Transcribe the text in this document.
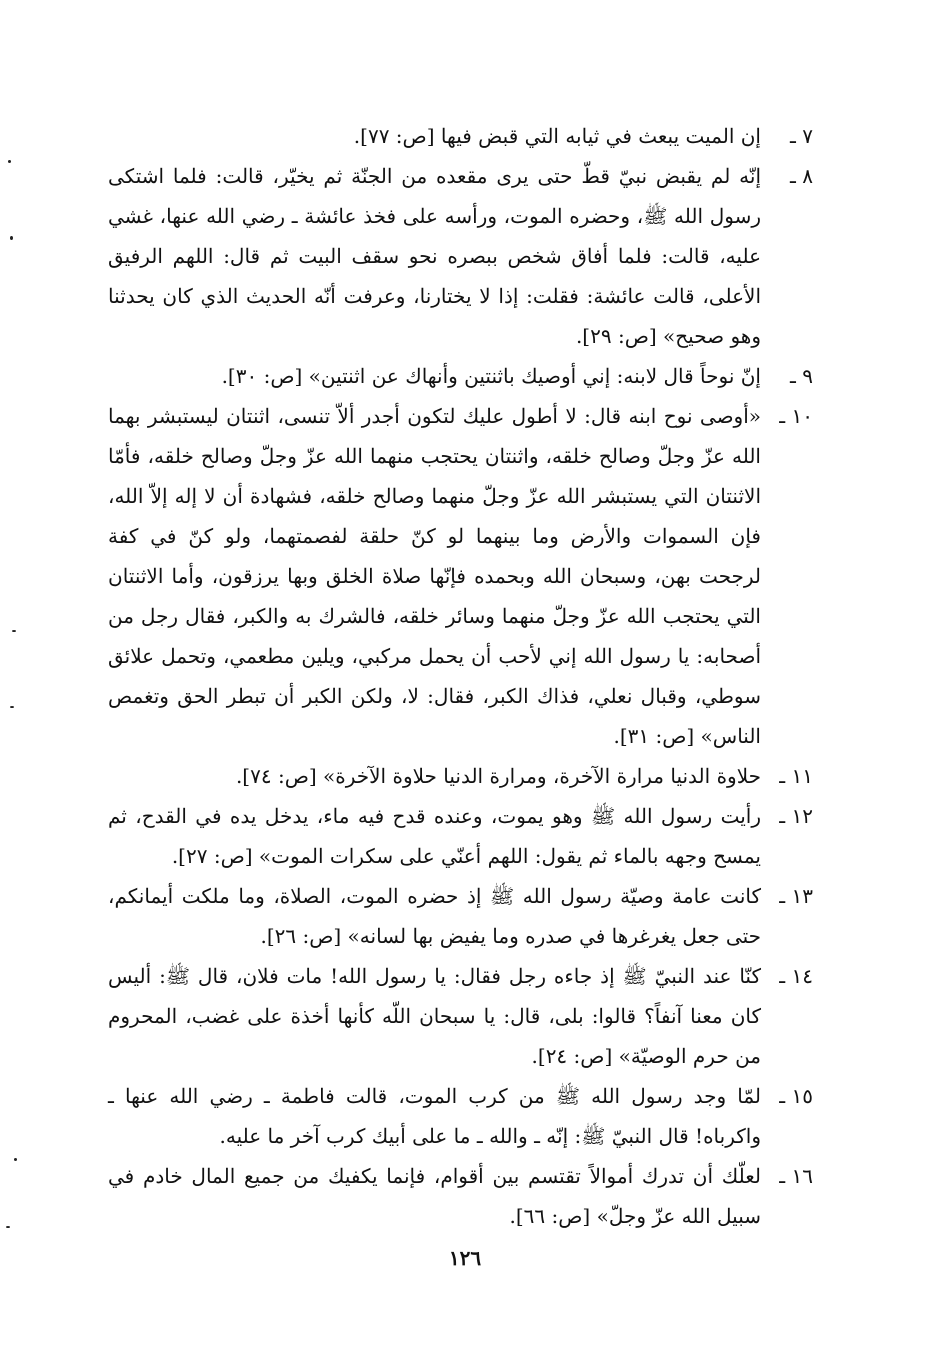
٧ ـ
إن الميت يبعث في ثيابه التي قبض فيها [ص: ٧٧].
٨ ـ
إنّه لم يقبض نبيّ قطّ حتى يرى مقعده من الجنّة ثم يخيّر، قالت: فلما اشتكى رسول الله ﷺ، وحضره الموت، ورأسه على فخذ عائشة ـ رضي الله عنها، غشي عليه، قالت: فلما أفاق شخص ببصره نحو سقف البيت ثم قال: اللهم الرفيق الأعلى، قالت عائشة: فقلت: إذا لا يختارنا، وعرفت أنّه الحديث الذي كان يحدثنا وهو صحيح» [ص: ٢٩].
٩ ـ
إنّ نوحاً قال لابنه: إني أوصيك باثنتين وأنهاك عن اثنتين» [ص: ٣٠].
١٠ ـ
«أوصى نوح ابنه قال: لا أطول عليك لتكون أجدر ألاّ تنسى، اثنتان ليستبشر بهما الله عزّ وجلّ وصالح خلقه، واثنتان يحتجب منهما الله عزّ وجلّ وصالح خلقه، فأمّا الاثنتان التي يستبشر الله عزّ وجلّ منهما وصالح خلقه، فشهادة أن لا إله إلاّ الله، فإن السموات والأرض وما بينهما لو كنّ حلقة لفصمتهما، ولو كنّ في كفة لرجحت بهن، وسبحان الله وبحمده فإنّها صلاة الخلق وبها يرزقون، وأما الاثنتان التي يحتجب الله عزّ وجلّ منهما وسائر خلقه، فالشرك به والكبر، فقال رجل من أصحابه: يا رسول الله إني لأحب أن يحمل مركبي، ويلين مطعمي، وتحمل علائق سوطي، وقبال نعلي، فذاك الكبر، فقال: لا، ولكن الكبر أن تبطر الحق وتغمص الناس» [ص: ٣١].
١١ ـ
حلاوة الدنيا مرارة الآخرة، ومرارة الدنيا حلاوة الآخرة» [ص: ٧٤].
١٢ ـ
رأيت رسول الله ﷺ وهو يموت، وعنده قدح فيه ماء، يدخل يده في القدح، ثم يمسح وجهه بالماء ثم يقول: اللهم أعنّي على سكرات الموت» [ص: ٢٧].
١٣ ـ
كانت عامة وصيّة رسول الله ﷺ إذ حضره الموت، الصلاة، وما ملكت أيمانكم، حتى جعل يغرغرها في صدره وما يفيض بها لسانه» [ص: ٢٦].
١٤ ـ
كنّا عند النبيّ ﷺ إذ جاءه رجل فقال: يا رسول الله! مات فلان، قال ﷺ: أليس كان معنا آنفاً؟ قالوا: بلى، قال: يا سبحان اللّه كأنها أخذة على غضب، المحروم من حرم الوصيّة» [ص: ٢٤].
١٥ ـ
لمّا وجد رسول الله ﷺ من كرب الموت، قالت فاطمة ـ رضي الله عنها ـ واكرباه! قال النبيّ ﷺ: إنّه ـ والله ـ ما على أبيك كرب آخر ما عليه.
١٦ ـ
لعلّك أن تدرك أموالاً تقتسم بين أقوام، فإنما يكفيك من جميع المال خادم في سبيل الله عزّ وجلّ» [ص: ٦٦].
١٢٦
